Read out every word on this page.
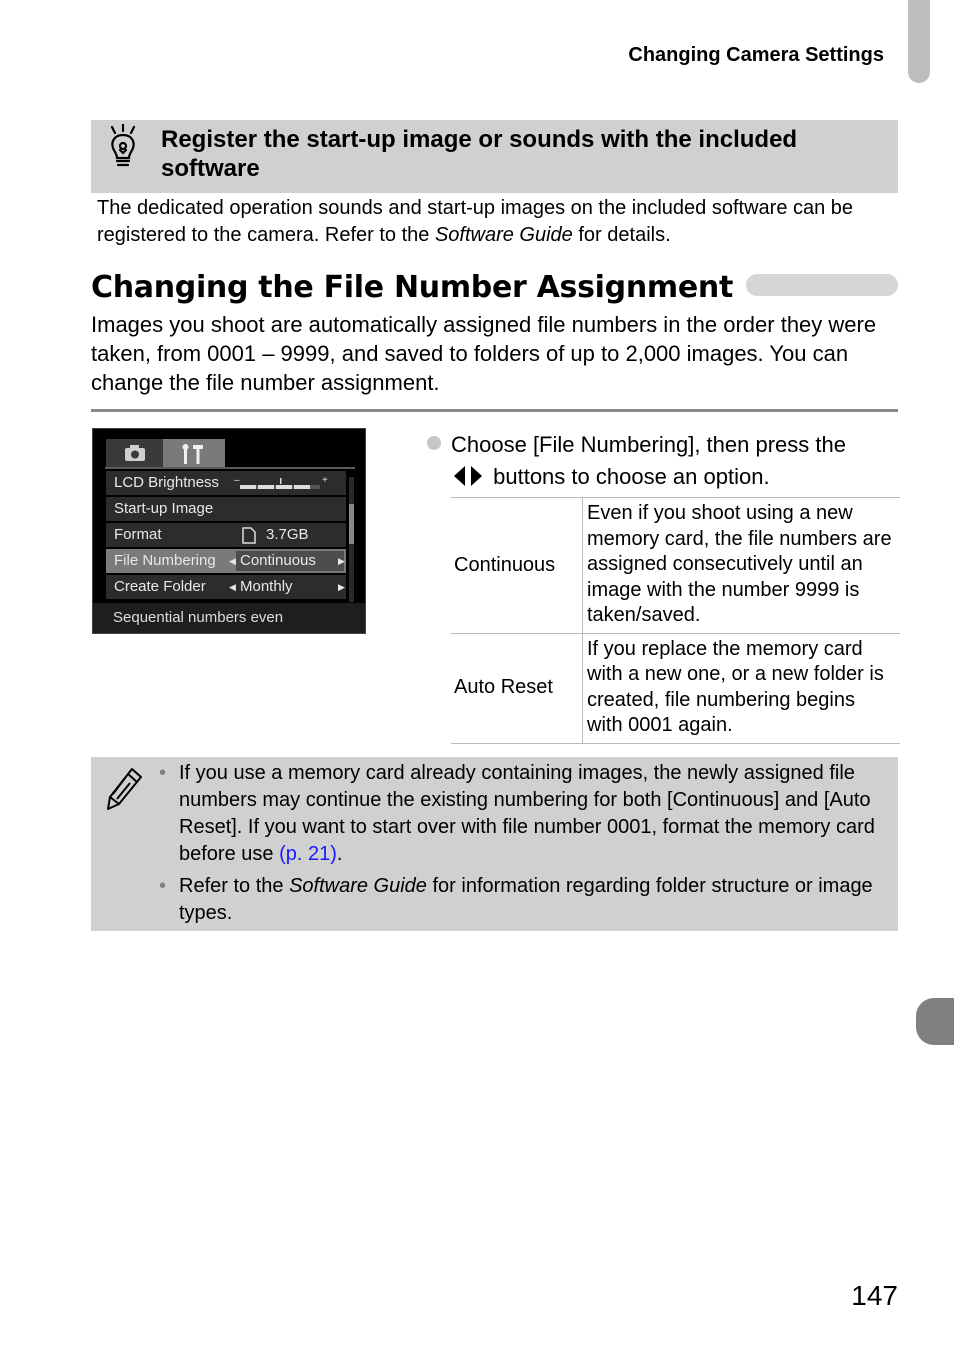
Changing Camera Settings
Register the start-up image or sounds with the included software
The dedicated operation sounds and start-up images on the included software can be registered to the camera. Refer to the Software Guide for details.
Changing the File Number Assignment
Images you shoot are automatically assigned file numbers in the order they were taken, from 0001 – 9999, and saved to folders of up to 2,000 images. You can change the file number assignment.
LCD Brightness –	+
Start-up Image
Format	3.7GB
File Numbering ◀ Continuous ▶
Create Folder	◀ Monthly	▶
Sequential numbers even
Choose [File Numbering], then press the
buttons to choose an option.
Continuous	Even if you shoot using a new memory card, the file numbers are assigned consecutively until an image with the number 9999 is taken/saved.
Auto Reset	If you replace the memory card with a new one, or a new folder is created, file numbering begins with 0001 again.
• If you use a memory card already containing images, the newly assigned file numbers may continue the existing numbering for both [Continuous] and [Auto Reset]. If you want to start over with file number 0001, format the memory card before use (p. 21).
• Refer to the Software Guide for information regarding folder structure or image types.
147
